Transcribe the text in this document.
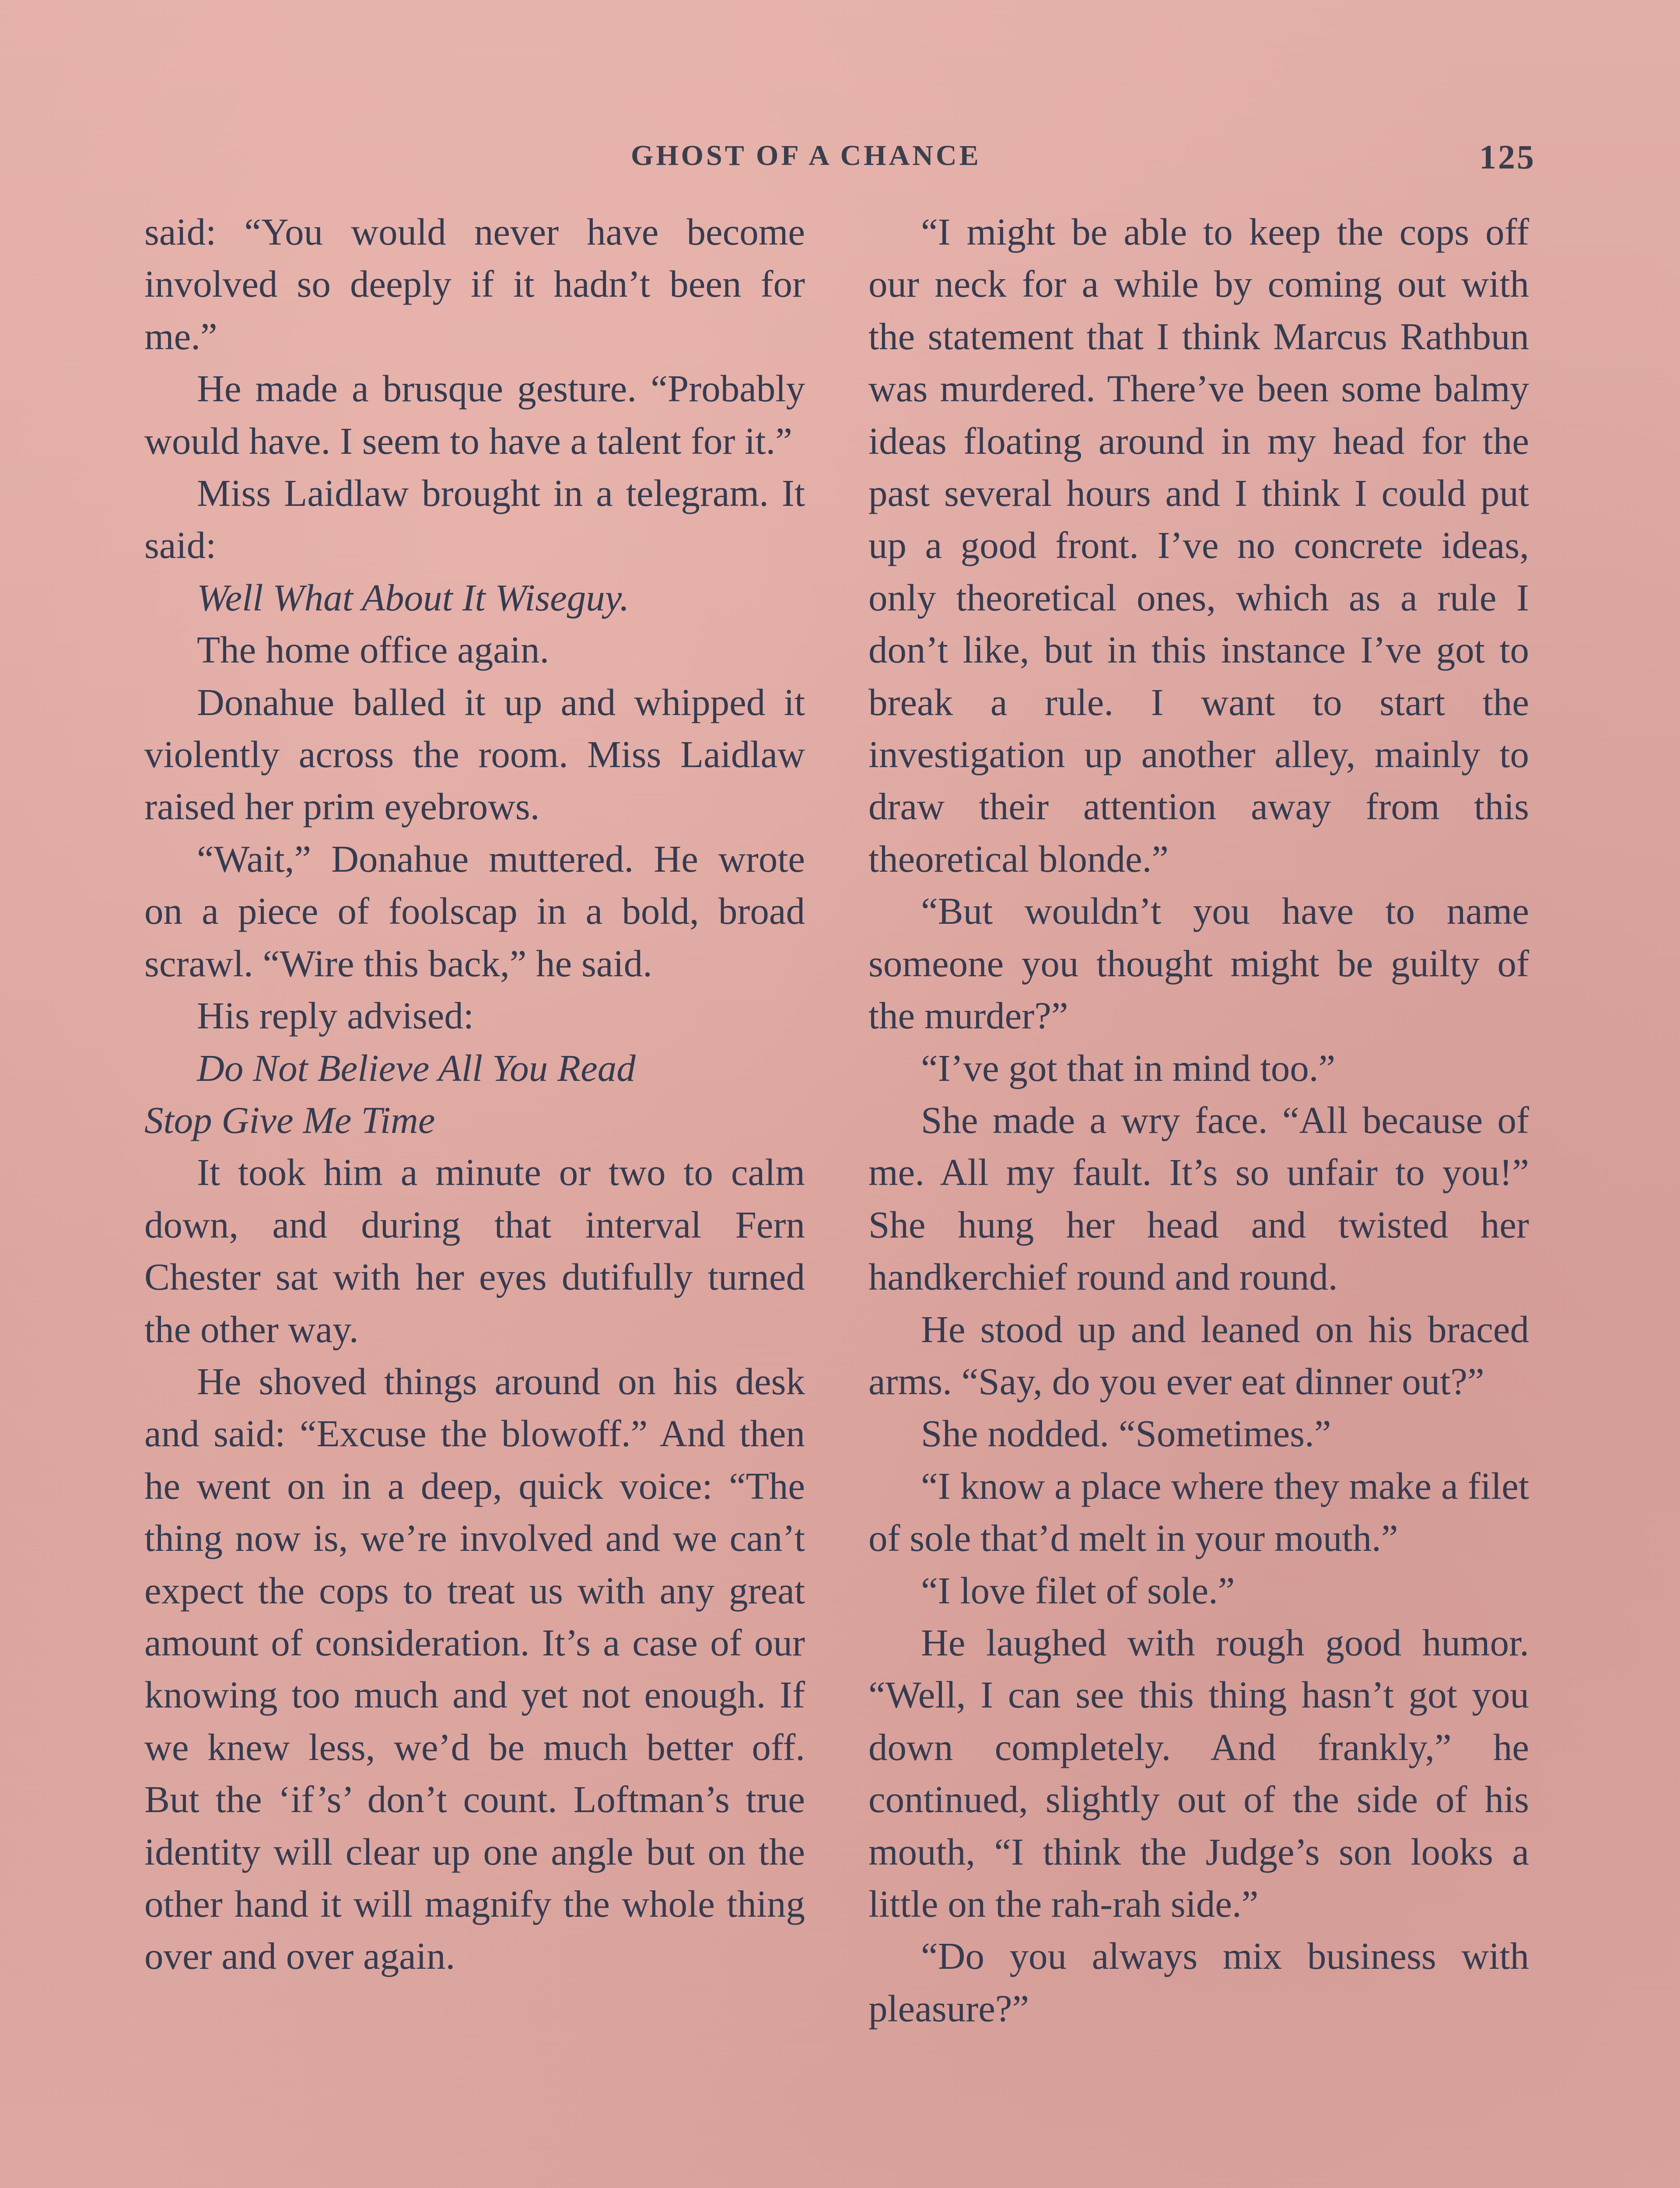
GHOST OF A CHANCE	125

said: “You would never have become involved so deeply if it hadn’t been for me.”

He made a brusque gesture. “Probably would have. I seem to have a talent for it.”

Miss Laidlaw brought in a telegram. It said:

Well What About It Wiseguy.

The home office again.

Donahue balled it up and whipped it violently across the room. Miss Laidlaw raised her prim eyebrows.

“Wait,” Donahue muttered. He wrote on a piece of foolscap in a bold, broad scrawl. “Wire this back,” he said.

His reply advised:

Do Not Believe All You Read
Stop Give Me Time

It took him a minute or two to calm down, and during that interval Fern Chester sat with her eyes dutifully turned the other way.

He shoved things around on his desk and said: “Excuse the blowoff.” And then he went on in a deep, quick voice: “The thing now is, we’re involved and we can’t expect the cops to treat us with any great amount of consideration. It’s a case of our knowing too much and yet not enough. If we knew less, we’d be much better off. But the ‘if’s’ don’t count. Loftman’s true identity will clear up one angle but on the other hand it will magnify the whole thing over and over again.

“I might be able to keep the cops off our neck for a while by coming out with the statement that I think Marcus Rathbun was murdered. There’ve been some balmy ideas floating around in my head for the past several hours and I think I could put up a good front. I’ve no concrete ideas, only theoretical ones, which as a rule I don’t like, but in this instance I’ve got to break a rule. I want to start the investigation up another alley, mainly to draw their attention away from this theoretical blonde.”

“But wouldn’t you have to name someone you thought might be guilty of the murder?”

“I’ve got that in mind too.”

She made a wry face. “All because of me. All my fault. It’s so unfair to you!” She hung her head and twisted her handkerchief round and round.

He stood up and leaned on his braced arms. “Say, do you ever eat dinner out?”

She nodded. “Sometimes.”

“I know a place where they make a filet of sole that’d melt in your mouth.”

“I love filet of sole.”

He laughed with rough good humor. “Well, I can see this thing hasn’t got you down completely. And frankly,” he continued, slightly out of the side of his mouth, “I think the Judge’s son looks a little on the rah-rah side.”

“Do you always mix business with pleasure?”
